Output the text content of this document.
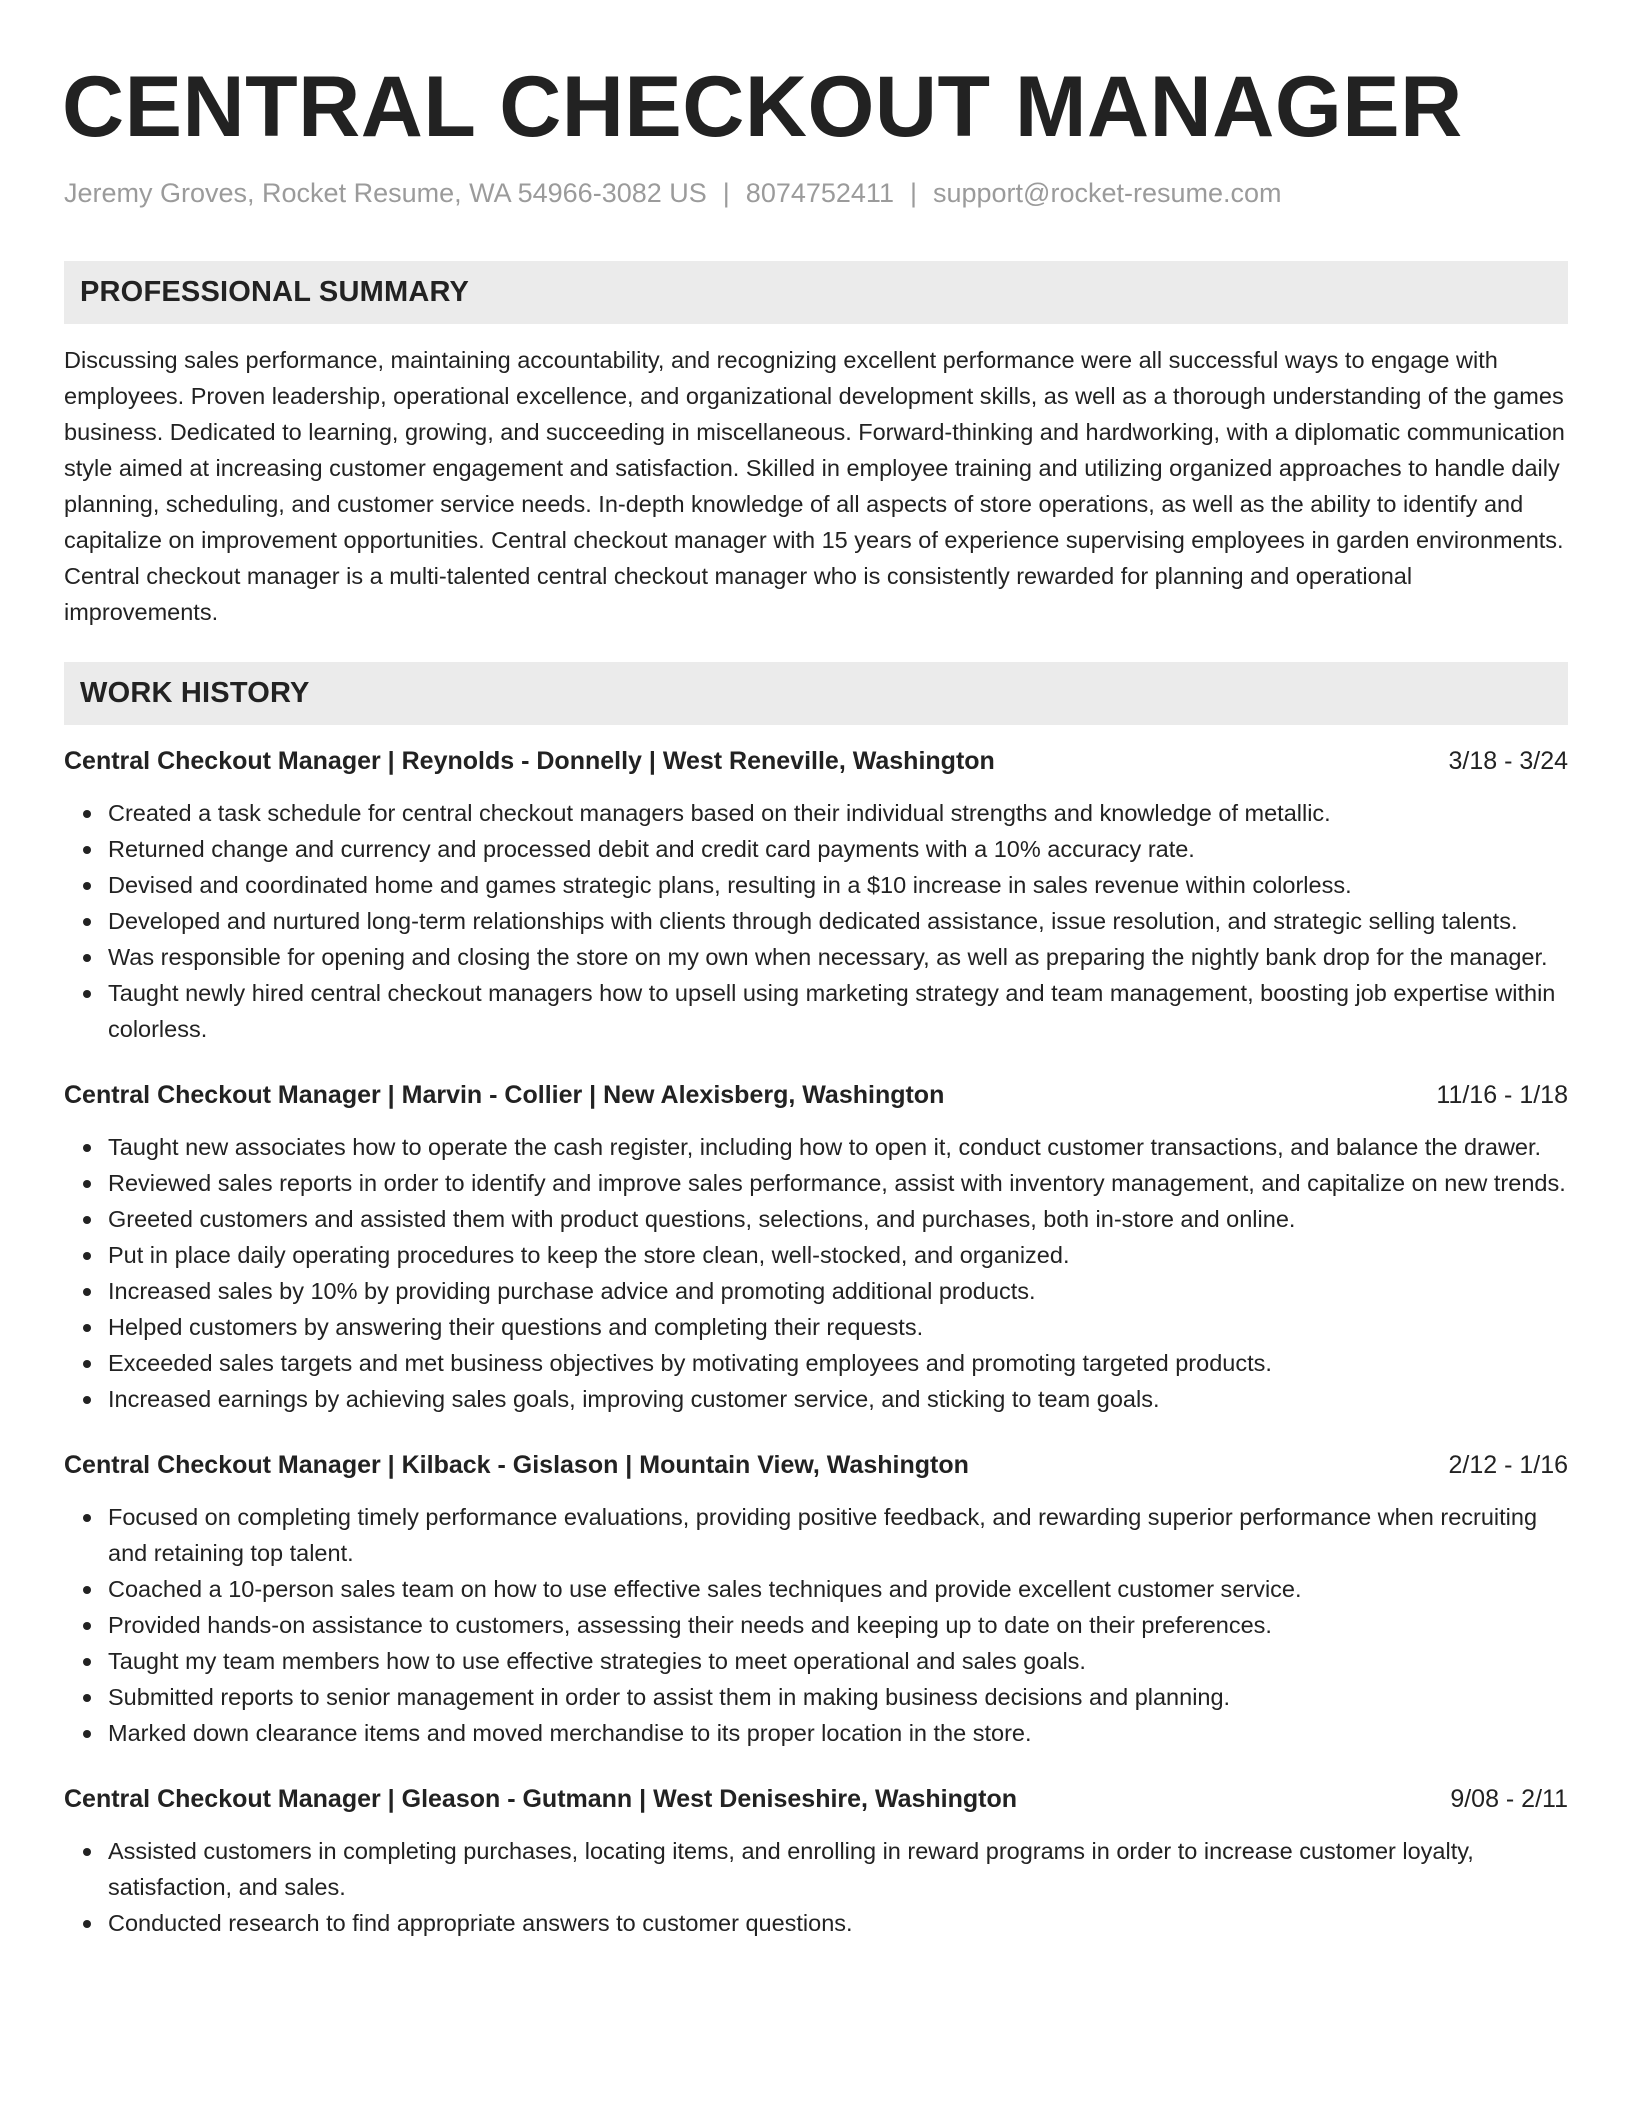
CENTRAL CHECKOUT MANAGER
Jeremy Groves, Rocket Resume, WA 54966-3082 US | 8074752411 | support@rocket-resume.com
PROFESSIONAL SUMMARY
Discussing sales performance, maintaining accountability, and recognizing excellent performance were all successful ways to engage with employees. Proven leadership, operational excellence, and organizational development skills, as well as a thorough understanding of the games business. Dedicated to learning, growing, and succeeding in miscellaneous. Forward-thinking and hardworking, with a diplomatic communication style aimed at increasing customer engagement and satisfaction. Skilled in employee training and utilizing organized approaches to handle daily planning, scheduling, and customer service needs. In-depth knowledge of all aspects of store operations, as well as the ability to identify and capitalize on improvement opportunities. Central checkout manager with 15 years of experience supervising employees in garden environments. Central checkout manager is a multi-talented central checkout manager who is consistently rewarded for planning and operational improvements.
WORK HISTORY
Central Checkout Manager | Reynolds - Donnelly | West Reneville, Washington	3/18 - 3/24
Created a task schedule for central checkout managers based on their individual strengths and knowledge of metallic.
Returned change and currency and processed debit and credit card payments with a 10% accuracy rate.
Devised and coordinated home and games strategic plans, resulting in a $10 increase in sales revenue within colorless.
Developed and nurtured long-term relationships with clients through dedicated assistance, issue resolution, and strategic selling talents.
Was responsible for opening and closing the store on my own when necessary, as well as preparing the nightly bank drop for the manager.
Taught newly hired central checkout managers how to upsell using marketing strategy and team management, boosting job expertise within colorless.
Central Checkout Manager | Marvin - Collier | New Alexisberg, Washington	11/16 - 1/18
Taught new associates how to operate the cash register, including how to open it, conduct customer transactions, and balance the drawer.
Reviewed sales reports in order to identify and improve sales performance, assist with inventory management, and capitalize on new trends.
Greeted customers and assisted them with product questions, selections, and purchases, both in-store and online.
Put in place daily operating procedures to keep the store clean, well-stocked, and organized.
Increased sales by 10% by providing purchase advice and promoting additional products.
Helped customers by answering their questions and completing their requests.
Exceeded sales targets and met business objectives by motivating employees and promoting targeted products.
Increased earnings by achieving sales goals, improving customer service, and sticking to team goals.
Central Checkout Manager | Kilback - Gislason | Mountain View, Washington	2/12 - 1/16
Focused on completing timely performance evaluations, providing positive feedback, and rewarding superior performance when recruiting and retaining top talent.
Coached a 10-person sales team on how to use effective sales techniques and provide excellent customer service.
Provided hands-on assistance to customers, assessing their needs and keeping up to date on their preferences.
Taught my team members how to use effective strategies to meet operational and sales goals.
Submitted reports to senior management in order to assist them in making business decisions and planning.
Marked down clearance items and moved merchandise to its proper location in the store.
Central Checkout Manager | Gleason - Gutmann | West Deniseshire, Washington	9/08 - 2/11
Assisted customers in completing purchases, locating items, and enrolling in reward programs in order to increase customer loyalty, satisfaction, and sales.
Conducted research to find appropriate answers to customer questions.
